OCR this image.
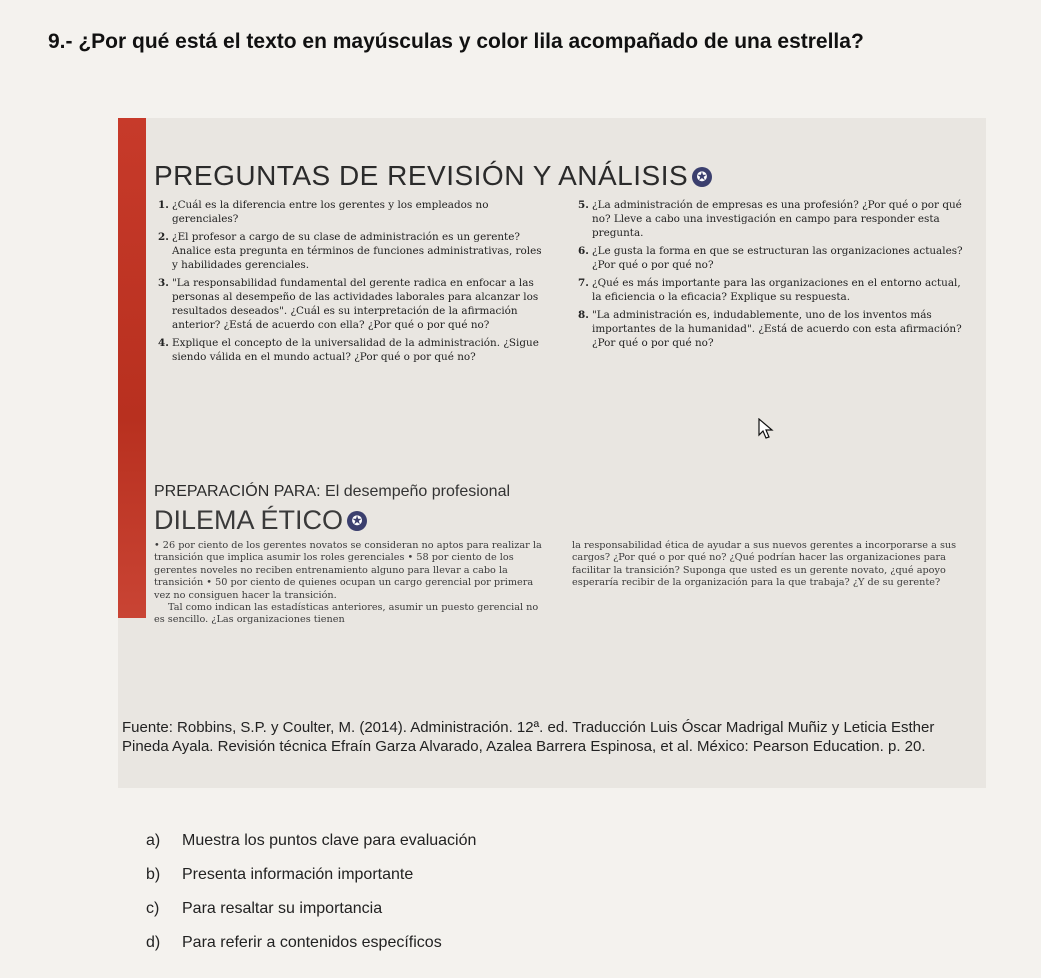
9.- ¿Por qué está el texto en mayúsculas y color lila acompañado de una estrella?
PREGUNTAS DE REVISIÓN Y ANÁLISIS ✪
1. ¿Cuál es la diferencia entre los gerentes y los empleados no gerenciales?
2. ¿El profesor a cargo de su clase de administración es un gerente? Analice esta pregunta en términos de funciones administrativas, roles y habilidades gerenciales.
3. "La responsabilidad fundamental del gerente radica en enfocar a las personas al desempeño de las actividades laborales para alcanzar los resultados deseados". ¿Cuál es su interpretación de la afirmación anterior? ¿Está de acuerdo con ella? ¿Por qué o por qué no?
4. Explique el concepto de la universalidad de la administración. ¿Sigue siendo válida en el mundo actual? ¿Por qué o por qué no?
5. ¿La administración de empresas es una profesión? ¿Por qué o por qué no? Lleve a cabo una investigación en campo para responder esta pregunta.
6. ¿Le gusta la forma en que se estructuran las organizaciones actuales? ¿Por qué o por qué no?
7. ¿Qué es más importante para las organizaciones en el entorno actual, la eficiencia o la eficacia? Explique su respuesta.
8. "La administración es, indudablemente, uno de los inventos más importantes de la humanidad". ¿Está de acuerdo con esta afirmación? ¿Por qué o por qué no?
PREPARACIÓN PARA: El desempeño profesional
DILEMA ÉTICO ✪

• 26 por ciento de los gerentes novatos se consideran no aptos para realizar la transición que implica asumir los roles gerenciales • 58 por ciento de los gerentes noveles no reciben entrenamiento alguno para llevar a cabo la transición • 50 por ciento de quienes ocupan un cargo gerencial por primera vez no consiguen hacer la transición.

Tal como indican las estadísticas anteriores, asumir un puesto gerencial no es sencillo. ¿Las organizaciones tienen

la responsabilidad ética de ayudar a sus nuevos gerentes a incorporarse a sus cargos? ¿Por qué o por qué no? ¿Qué podrían hacer las organizaciones para facilitar la transición? Suponga que usted es un gerente novato, ¿qué apoyo esperaría recibir de la organización para la que trabaja? ¿Y de su gerente?

Fuente: Robbins, S.P. y Coulter, M. (2014). Administración. 12ª. ed. Traducción Luis Óscar Madrigal Muñiz y Leticia Esther Pineda Ayala. Revisión técnica Efraín Garza Alvarado, Azalea Barrera Espinosa, et al. México: Pearson Education. p. 20.
a)	Muestra los puntos clave para evaluación
b)	Presenta información importante
c)	Para resaltar su importancia
d)	Para referir a contenidos específicos
